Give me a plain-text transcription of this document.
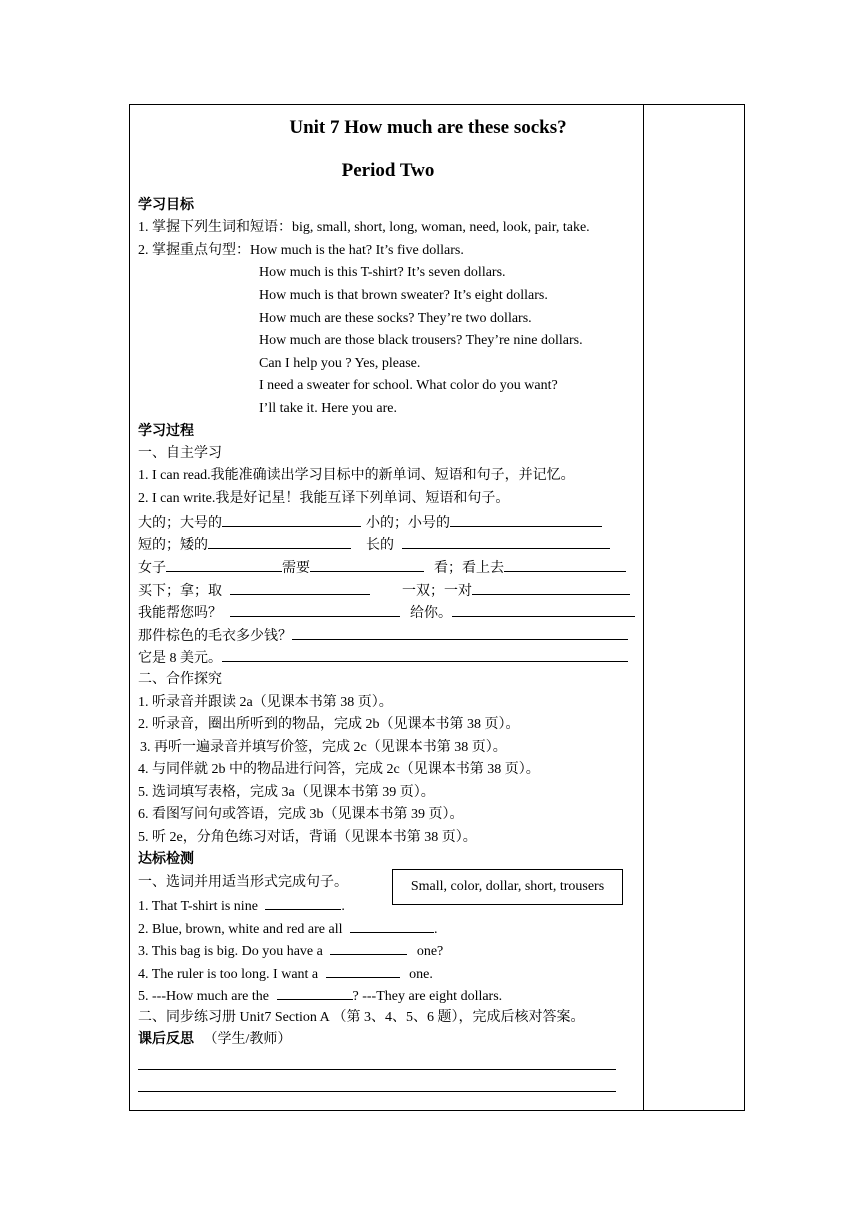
Unit 7 How much are these socks?
Period Two
学习目标
1. 掌握下列生词和短语：big, small, short, long, woman, need, look, pair, take.
2. 掌握重点句型：How much is the hat? It’s five dollars.
How much is this T-shirt? It’s seven dollars.
How much is that brown sweater? It’s eight dollars.
How much are these socks? They’re two dollars.
How much are those black trousers? They’re nine dollars.
Can I help you ? Yes, please.
I need a sweater for school. What color do you want?
I’ll take it. Here you are.
学习过程
一、自主学习
1. I can read.我能准确读出学习目标中的新单词、短语和句子，并记忆。
2. I can write.我是好记星！我能互译下列单词、短语和句子。
大的；大号的	小的；小号的
短的；矮的	长的
女子	需要	看；看上去
买下；拿；取	一双；一对
我能帮您吗？	给你。
那件棕色的毛衣多少钱？
它是 8 美元。
二、合作探究
1. 听录音并跟读 2a（见课本书第 38 页）。
2. 听录音，圈出所听到的物品，完成 2b（见课本书第 38 页）。
3. 再听一遍录音并填写价签，完成 2c（见课本书第 38 页）。
4. 与同伴就 2b 中的物品进行问答，完成 2c（见课本书第 38 页）。
5. 选词填写表格，完成 3a（见课本书第 39 页）。
6. 看图写问句或答语，完成 3b（见课本书第 39 页）。
5. 听 2e，分角色练习对话，背诵（见课本书第 38 页）。
达标检测
一、选词并用适当形式完成句子。	Small, color, dollar, short, trousers
1. That T-shirt is nine	.
2. Blue, brown, white and red are all	.
3. This bag is big. Do you have a	one?
4. The ruler is too long. I want a	one.
5. ---How much are the	? ---They are eight dollars.
二、同步练习册 Unit7 Section A （第 3、4、5、6 题），完成后核对答案。
课后反思 （学生/教师）
